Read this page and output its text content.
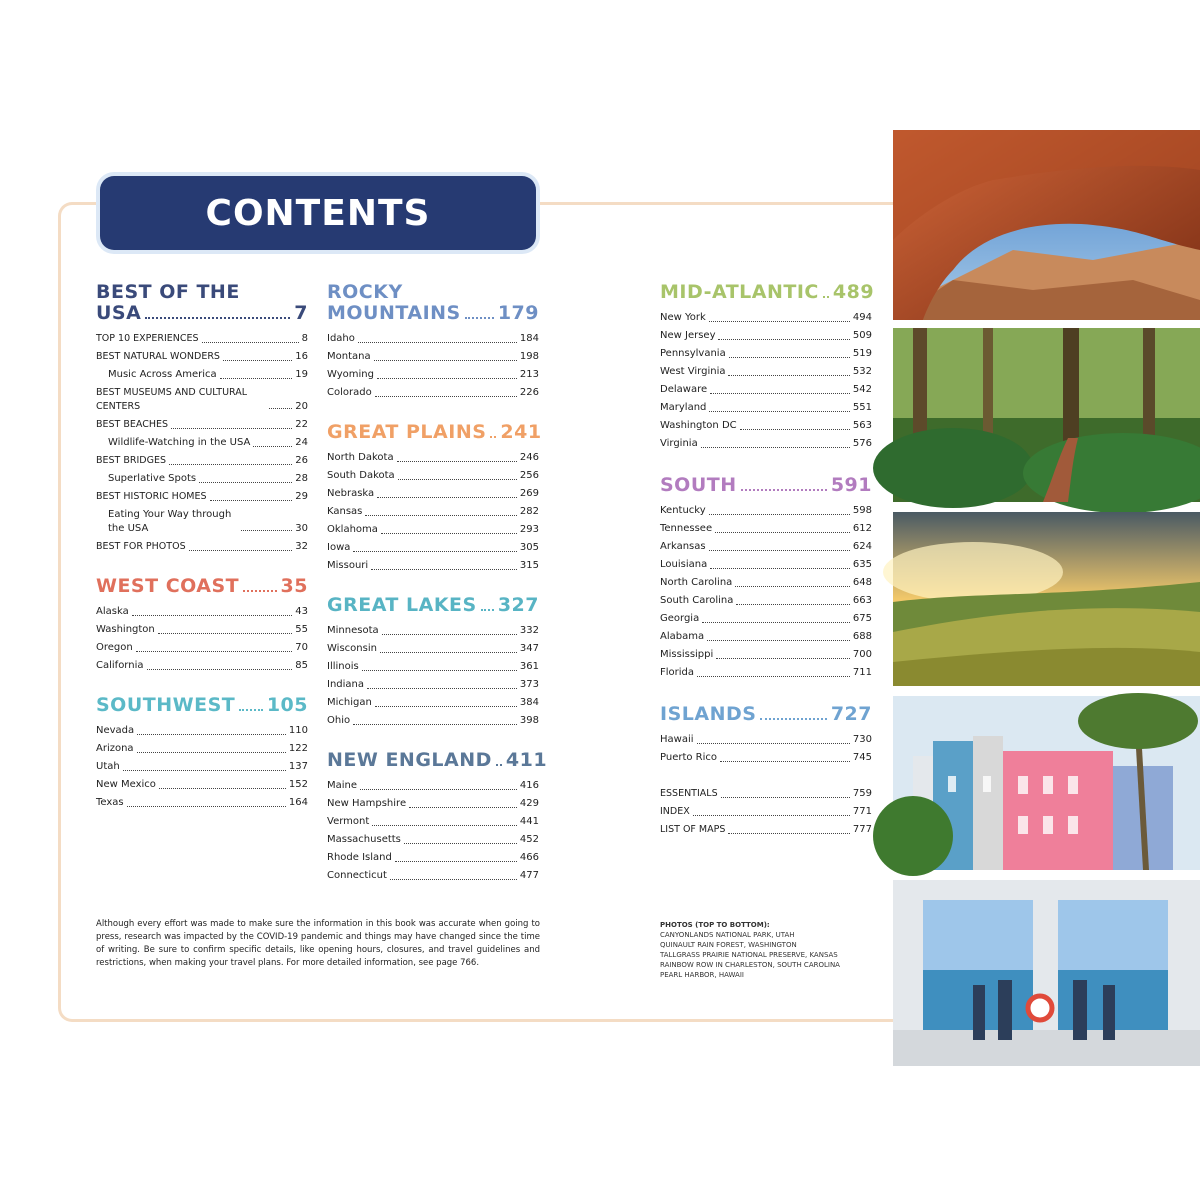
CONTENTS
BEST OF THE
USA	7
TOP 10 EXPERIENCES	8
BEST NATURAL WONDERS	16
Music Across America	19
BEST MUSEUMS AND CULTURAL CENTERS	20
BEST BEACHES	22
Wildlife-Watching in the USA	24
BEST BRIDGES	26
Superlative Spots	28
BEST HISTORIC HOMES	29
Eating Your Way through the USA	30
BEST FOR PHOTOS	32
WEST COAST 35
Alaska	43
Washington	55
Oregon	70
California	85
SOUTHWEST 105
Nevada	110
Arizona	122
Utah	137
New Mexico	152
Texas	164
ROCKY
MOUNTAINS 179
Idaho	184
Montana	198
Wyoming	213
Colorado	226
GREAT PLAINS 241
North Dakota	246
South Dakota	256
Nebraska	269
Kansas	282
Oklahoma	293
Iowa	305
Missouri	315
GREAT LAKES 327
Minnesota	332
Wisconsin	347
Illinois	361
Indiana	373
Michigan	384
Ohio	398
NEW ENGLAND 411
Maine	416
New Hampshire	429
Vermont	441
Massachusetts	452
Rhode Island	466
Connecticut	477
MID-ATLANTIC 489
New York	494
New Jersey	509
Pennsylvania	519
West Virginia	532
Delaware	542
Maryland	551
Washington DC	563
Virginia	576
SOUTH	591
Kentucky	598
Tennessee	612
Arkansas	624
Louisiana	635
North Carolina	648
South Carolina	663
Georgia	675
Alabama	688
Mississippi	700
Florida	711
ISLANDS	727
Hawaii	730
Puerto Rico	745
ESSENTIALS	759
INDEX	771
LIST OF MAPS	777
Although every effort was made to make sure the information in this book was accurate when going to press, research was impacted by the COVID-19 pandemic and things may have changed since the time of writing. Be sure to confirm specific details, like opening hours, closures, and travel guidelines and restrictions, when making your travel plans. For more detailed information, see page 766.
PHOTOS (TOP TO BOTTOM):
CANYONLANDS NATIONAL PARK, UTAH
QUINAULT RAIN FOREST, WASHINGTON
TALLGRASS PRAIRIE NATIONAL PRESERVE, KANSAS
RAINBOW ROW IN CHARLESTON, SOUTH CAROLINA
PEARL HARBOR, HAWAII
